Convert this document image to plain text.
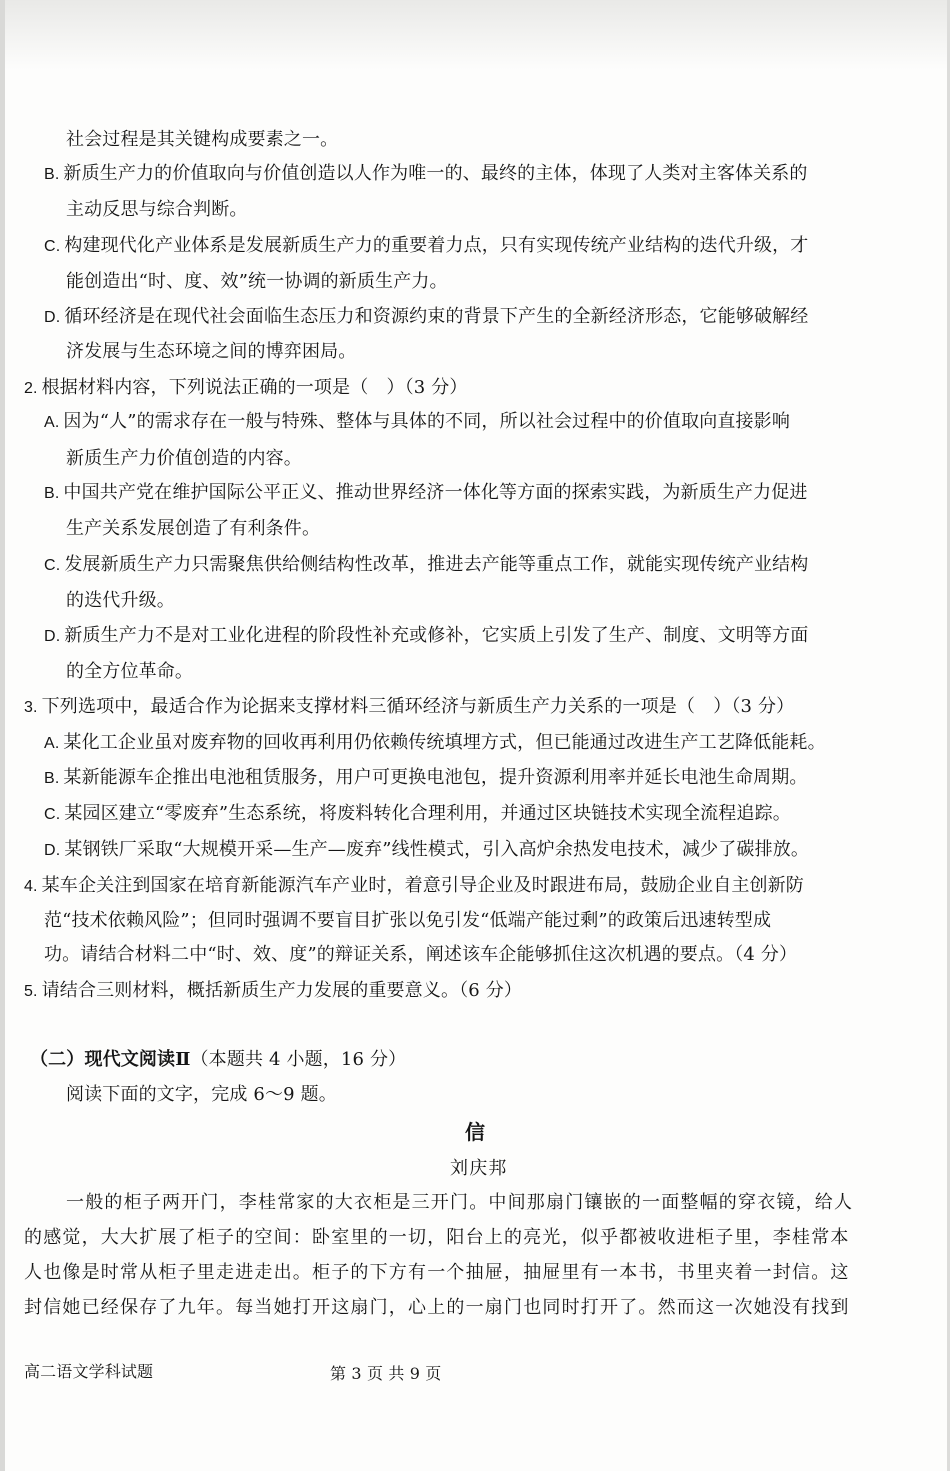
社会过程是其关键构成要素之一。

B. 新质生产力的价值取向与价值创造以人作为唯一的、最终的主体，体现了人类对主客体关系的

主动反思与综合判断。

C. 构建现代化产业体系是发展新质生产力的重要着力点，只有实现传统产业结构的迭代升级，才

能创造出“时、度、效”统一协调的新质生产力。

D. 循环经济是在现代社会面临生态压力和资源约束的背景下产生的全新经济形态，它能够破解经

济发展与生态环境之间的博弈困局。

2. 根据材料内容，下列说法正确的一项是（　）（3 分）

A. 因为“人”的需求存在一般与特殊、整体与具体的不同，所以社会过程中的价值取向直接影响

新质生产力价值创造的内容。

B. 中国共产党在维护国际公平正义、推动世界经济一体化等方面的探索实践，为新质生产力促进

生产关系发展创造了有利条件。

C. 发展新质生产力只需聚焦供给侧结构性改革，推进去产能等重点工作，就能实现传统产业结构

的迭代升级。

D. 新质生产力不是对工业化进程的阶段性补充或修补，它实质上引发了生产、制度、文明等方面

的全方位革命。

3. 下列选项中，最适合作为论据来支撑材料三循环经济与新质生产力关系的一项是（　）（3 分）

A. 某化工企业虽对废弃物的回收再利用仍依赖传统填埋方式，但已能通过改进生产工艺降低能耗。

B. 某新能源车企推出电池租赁服务，用户可更换电池包，提升资源利用率并延长电池生命周期。

C. 某园区建立“零废弃”生态系统，将废料转化合理利用，并通过区块链技术实现全流程追踪。

D. 某钢铁厂采取“大规模开采—生产—废弃”线性模式，引入高炉余热发电技术，减少了碳排放。

4. 某车企关注到国家在培育新能源汽车产业时，着意引导企业及时跟进布局，鼓励企业自主创新防

范“技术依赖风险”；但同时强调不要盲目扩张以免引发“低端产能过剩”的政策后迅速转型成

功。请结合材料二中“时、效、度”的辩证关系，阐述该车企能够抓住这次机遇的要点。（4 分）

5. 请结合三则材料，概括新质生产力发展的重要意义。（6 分）

（二）现代文阅读Ⅱ（本题共 4 小题，16 分）

阅读下面的文字，完成 6～9 题。

信

刘庆邦

一般的柜子两开门，李桂常家的大衣柜是三开门。中间那扇门镶嵌的一面整幅的穿衣镜，给人

的感觉，大大扩展了柜子的空间：卧室里的一切，阳台上的亮光，似乎都被收进柜子里，李桂常本

人也像是时常从柜子里走进走出。柜子的下方有一个抽屉，抽屉里有一本书，书里夹着一封信。这

封信她已经保存了九年。每当她打开这扇门，心上的一扇门也同时打开了。然而这一次她没有找到

高二语文学科试题	第 3 页 共 9 页
